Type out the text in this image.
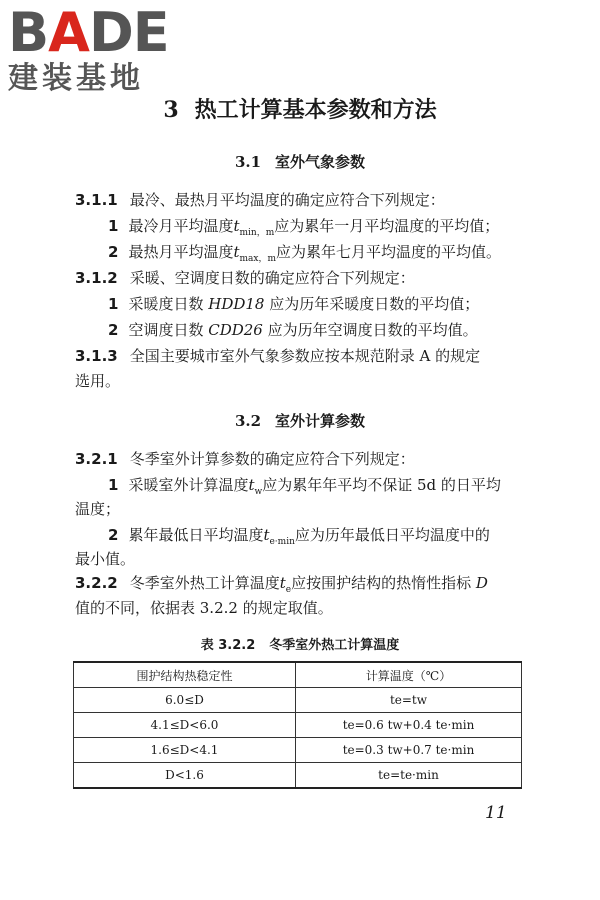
B A D E
建装基地
3 热工计算基本参数和方法
3.1 室外气象参数
3.1.1 最冷、最热月平均温度的确定应符合下列规定：
1 最冷月平均温度$t_{min,m}$应为累年一月平均温度的平均值；
2 最热月平均温度$t_{max,m}$应为累年七月平均温度的平均值。
3.1.2 采暖、空调度日数的确定应符合下列规定：
1 采暖度日数 HDD18 应为历年采暖度日数的平均值；
2 空调度日数 CDD26 应为历年空调度日数的平均值。
3.1.3 全国主要城市室外气象参数应按本规范附录 A 的规定
选用。
3.2 室外计算参数
3.2.1 冬季室外计算参数的确定应符合下列规定：
1 采暖室外计算温度$t_w$应为累年年平均不保证 5d 的日平均
温度；
2 累年最低日平均温度$t_{e\cdot min}$应为历年最低日平均温度中的
最小值。
3.2.2 冬季室外热工计算温度$t_e$应按围护结构的热惰性指标 D
值的不同，依据表 3.2.2 的规定取值。
表 3.2.2 冬季室外热工计算温度
围护结构热稳定性	计算温度（℃）
6.0≤D	te=tw
4.1≤D<6.0	te=0.6 tw+0.4 te·min
1.6≤D<4.1	te=0.3 tw+0.7 te·min
D<1.6	te=te·min
11
